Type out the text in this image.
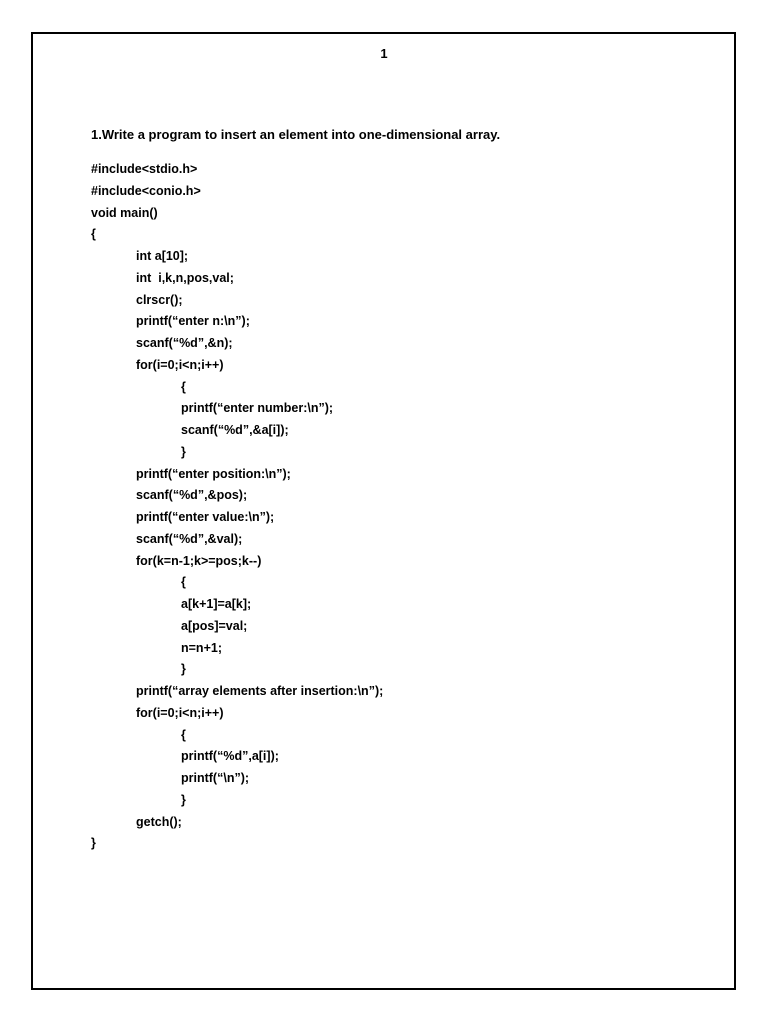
1
1.Write a program to insert an element into one-dimensional array.
#include<stdio.h>
#include<conio.h>
void main()
{
int a[10];
int  i,k,n,pos,val;
clrscr();
printf(“enter n:\n”);
scanf(“%d”,&n);
for(i=0;i<n;i++)
{
printf(“enter number:\n”);
scanf(“%d”,&a[i]);
}
printf(“enter position:\n”);
scanf(“%d”,&pos);
printf(“enter value:\n”);
scanf(“%d”,&val);
for(k=n-1;k>=pos;k--)
{
a[k+1]=a[k];
a[pos]=val;
n=n+1;
}
printf(“array elements after insertion:\n”);
for(i=0;i<n;i++)
{
printf(“%d”,a[i]);
printf(“\n”);
}
getch();
}
